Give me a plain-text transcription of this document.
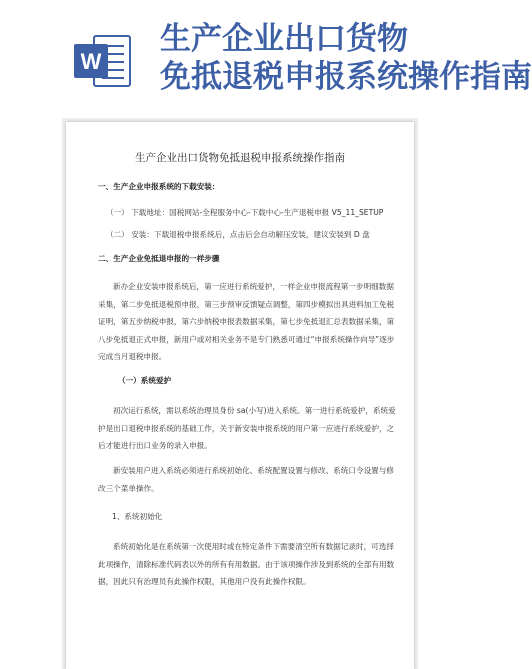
W
生产企业出口货物
免抵退税申报系统操作指南
生产企业出口货物免抵退税申报系统操作指南
一、生产企业申报系统的下载安装：
（一） 下载地址：国税网站-全程服务中心-下载中心-生产退税申报 V5_11_SETUP
（二） 安装：下载退税申报系统后，点击后会自动解压安装，建议安装到 D 盘
二、生产企业免抵退申报的一样步骤
新办企业安装申报系统后，第一应进行系统爱护，一样企业申报流程第一步明细数据采集，第二步免抵退税预申报，第三步预审反馈疑点调整，第四步模拟出具进料加工免税证明，第五步纳税申报，第六步纳税申报表数据采集，第七步免抵退汇总表数据采集，第八步免抵退正式申报，新用户或对相关业务不是专门熟悉可通过“申报系统操作向导”逐步完成当月退税申报。
（一）系统爱护
初次运行系统，需以系统治理员身份 sa(小写)进入系统。第一进行系统爱护，系统爱护是出口退税申报系统的基础工作，关于新安装申报系统的用户第一应进行系统爱护，之后才能进行出口业务的录入申报。
新安装用户进入系统必须进行系统初始化、系统配置设置与修改、系统口令设置与修改三个菜单操作。
1、系统初始化
系统初始化是在系统第一次使用时或在特定条件下需要清空所有数据记录时，可选择此项操作，清除标准代码表以外的所有有用数据。由于该项操作涉及到系统的全部有用数据，因此只有治理员有此操作权限，其他用户没有此操作权限。
